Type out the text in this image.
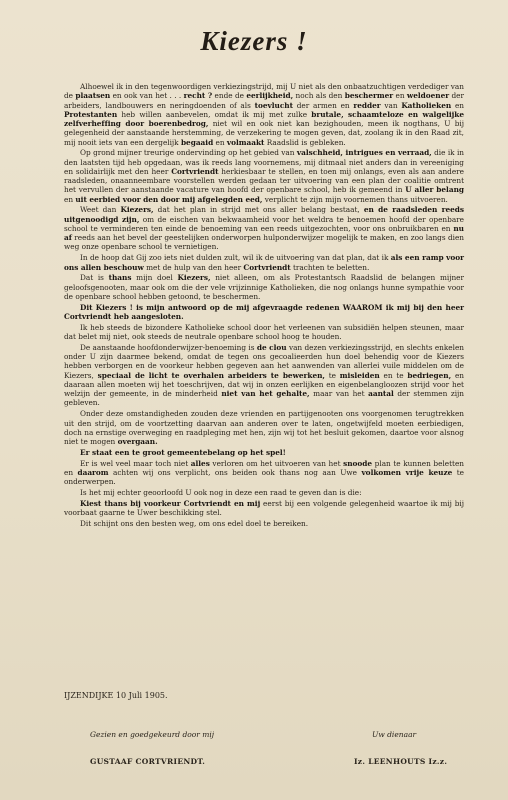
Kiezers !

Alhoewel ik in den tegenwoordigen verkiezingstrijd, mij U niet als den onbaatzuchtigen verdediger van de plaatsen en ook van het . . . recht ? ende de eerlijkheid, noch als den beschermer en weldoener der arbeiders, landbouwers en neringdoenden of als toevlucht der armen en redder van Katholieken en Protestanten heb willen aanbevelen, omdat ik mij met zulke brutale, schaamteloze en walgelijke zelfverheffing door boerenbedrog, niet wil en ook niet kan bezighouden, meen ik nogthans, U bij gelegenheid der aanstaande herstemming, de verzekering te mogen geven, dat, zoolang ik in den Raad zit, mij nooit iets van een dergelijk begaaid en volmaakt Raadslid is gebleken.

Op grond mijner treurige ondervinding op het gebied van valschheid, intrigues en verraad, die ik in den laatsten tijd heb opgedaan, was ik reeds lang voornemens, mij ditmaal niet anders dan in vereeniging en solidairlijk met den heer Cortvriendt herkiesbaar te stellen, en toen mij onlangs, even als aan andere raadsleden, onaanneembare voorstellen werden gedaan ter uitvoering van een plan der coalitie omtrent het vervullen der aanstaande vacature van hoofd der openbare school, heb ik gemeend in U aller belang en uit eerbied voor den door mij afgelegden eed, verplicht te zijn mijn voornemen thans uitvoeren.

Weet dan Kiezers, dat het plan in strijd met ons aller belang bestaat, en de raadsleden reeds uitgenoodigd zijn, om de eischen van bekwaamheid voor het weldra te benoemen hoofd der openbare school te verminderen ten einde de benoeming van een reeds uitgezochten, voor ons onbruikbaren en nu af reeds aan het bevel der geestelijken onderworpen hulponderwijzer mogelijk te maken, en zoo langs dien weg onze openbare school te vernietigen.

In de hoop dat Gij zoo iets niet dulden zult, wil ik de uitvoering van dat plan, dat ik als een ramp voor ons allen beschouw met de hulp van den heer Cortvriendt trachten te beletten.

Dat is thans mijn doel Kiezers, niet alleen, om als Protestantsch Raadslid de belangen mijner geloofsgenooten, maar ook om die der vele vrijzinnige Katholieken, die nog onlangs hunne sympathie voor de openbare school hebben getoond, te beschermen.

Dit Kiezers ! is mijn antwoord op de mij afgevraagde redenen WAAROM ik mij bij den heer Cortvriendt heb aangesloten.

Ik heb steeds de bizondere Katholieke school door het verleenen van subsidiën helpen steunen, maar dat belet mij niet, ook steeds de neutrale openbare school hoog te houden.

De aanstaande hoofdonderwijzer-benoeming is de clou van dezen verkiezingsstrijd, en slechts enkelen onder U zijn daarmee bekend, omdat de tegen ons gecoalieerden hun doel behendig voor de Kiezers hebben verborgen en de voorkeur hebben gegeven aan het aanwenden van allerlei vuile middelen om de Kiezers, speciaal de licht te overhalen arbeiders te bewerken, te misleiden en te bedriegen, en daaraan allen moeten wij het toeschrijven, dat wij in onzen eerlijken en eigenbelangloozen strijd voor het welzijn der gemeente, in de minderheid niet van het gehalte, maar van het aantal der stemmen zijn gebleven.

Onder deze omstandigheden zouden deze vrienden en partijgenooten ons voorgenomen terugtrekken uit den strijd, om de voortzetting daarvan aan anderen over te laten, ongetwijfeld moeten eerbiedigen, doch na ernstige overweging en raadpleging met hen, zijn wij tot het besluit gekomen, daartoe voor alsnog niet te mogen overgaan.

Er staat een te groot gemeentebelang op het spel!

Er is wel veel maar toch niet alles verloren om het uitvoeren van het snoode plan te kunnen beletten en daarom achten wij ons verplicht, ons beiden ook thans nog aan Uwe volkomen vrije keuze te onderwerpen.

Is het mij echter geoorloofd U ook nog in deze een raad te geven dan is die:

Kiest thans bij voorkeur Cortvriendt en mij eerst bij een volgende gelegenheid waartoe ik mij bij voorbaat gaarne te Uwer beschikking stel.

Dit schijnt ons den besten weg, om ons edel doel te bereiken.

IJZENDIJKE 10 Juli 1905.
Gezien en goedgekeurd door mij	Uw dienaar
GUSTAAF CORTVRIENDT.	Iz. LEENHOUTS Iz.z.
